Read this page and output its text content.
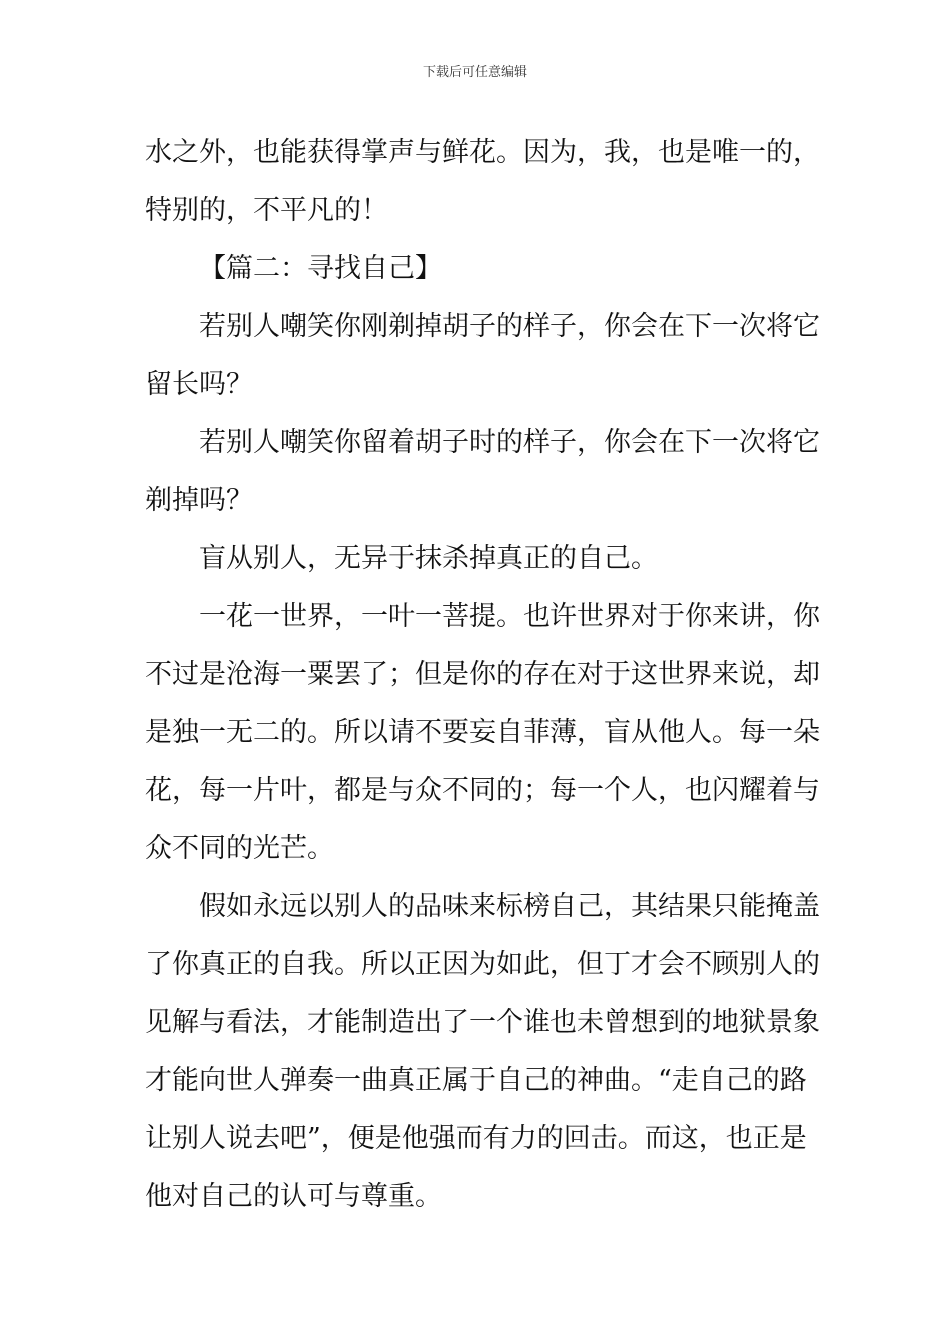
下载后可任意编辑
水之外，也能获得掌声与鲜花。因为，我，也是唯一的，
特别的，不平凡的！
【篇二：寻找自己】
若别人嘲笑你刚剃掉胡子的样子，你会在下一次将它
留长吗？
若别人嘲笑你留着胡子时的样子，你会在下一次将它
剃掉吗？
盲从别人，无异于抹杀掉真正的自己。
一花一世界，一叶一菩提。也许世界对于你来讲，你
不过是沧海一粟罢了；但是你的存在对于这世界来说，却
是独一无二的。所以请不要妄自菲薄，盲从他人。每一朵
花，每一片叶，都是与众不同的；每一个人，也闪耀着与
众不同的光芒。
假如永远以别人的品味来标榜自己，其结果只能掩盖
了你真正的自我。所以正因为如此，但丁才会不顾别人的
见解与看法，才能制造出了一个谁也未曾想到的地狱景象
才能向世人弹奏一曲真正属于自己的神曲。“走自己的路
让别人说去吧”，便是他强而有力的回击。而这，也正是
他对自己的认可与尊重。
